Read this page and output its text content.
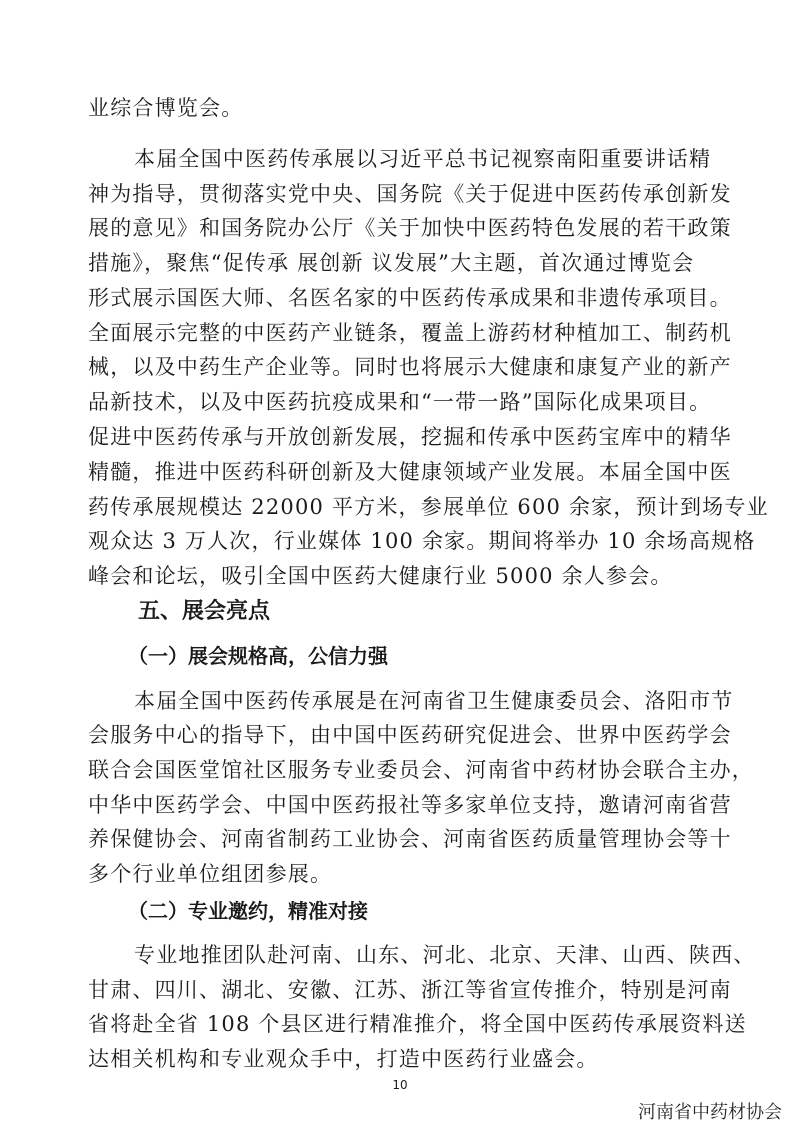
业综合博览会。
本届全国中医药传承展以习近平总书记视察南阳重要讲话精
神为指导，贯彻落实党中央、国务院《关于促进中医药传承创新发
展的意见》和国务院办公厅《关于加快中医药特色发展的若干政策
措施》，聚焦“促传承 展创新 议发展”大主题，首次通过博览会
形式展示国医大师、名医名家的中医药传承成果和非遗传承项目。
全面展示完整的中医药产业链条，覆盖上游药材种植加工、制药机
械，以及中药生产企业等。同时也将展示大健康和康复产业的新产
品新技术，以及中医药抗疫成果和“一带一路”国际化成果项目。
促进中医药传承与开放创新发展，挖掘和传承中医药宝库中的精华
精髓，推进中医药科研创新及大健康领域产业发展。本届全国中医
药传承展规模达 22000 平方米，参展单位 600 余家，预计到场专业
观众达 3 万人次，行业媒体 100 余家。期间将举办 10 余场高规格
峰会和论坛，吸引全国中医药大健康行业 5000 余人参会。
五、展会亮点
（一）展会规格高，公信力强
本届全国中医药传承展是在河南省卫生健康委员会、洛阳市节
会服务中心的指导下，由中国中医药研究促进会、世界中医药学会
联合会国医堂馆社区服务专业委员会、河南省中药材协会联合主办，
中华中医药学会、中国中医药报社等多家单位支持，邀请河南省营
养保健协会、河南省制药工业协会、河南省医药质量管理协会等十
多个行业单位组团参展。
（二）专业邀约，精准对接
专业地推团队赴河南、山东、河北、北京、天津、山西、陕西、
甘肃、四川、湖北、安徽、江苏、浙江等省宣传推介，特别是河南
省将赴全省 108 个县区进行精准推介，将全国中医药传承展资料送
达相关机构和专业观众手中，打造中医药行业盛会。
10
河南省中药材协会
